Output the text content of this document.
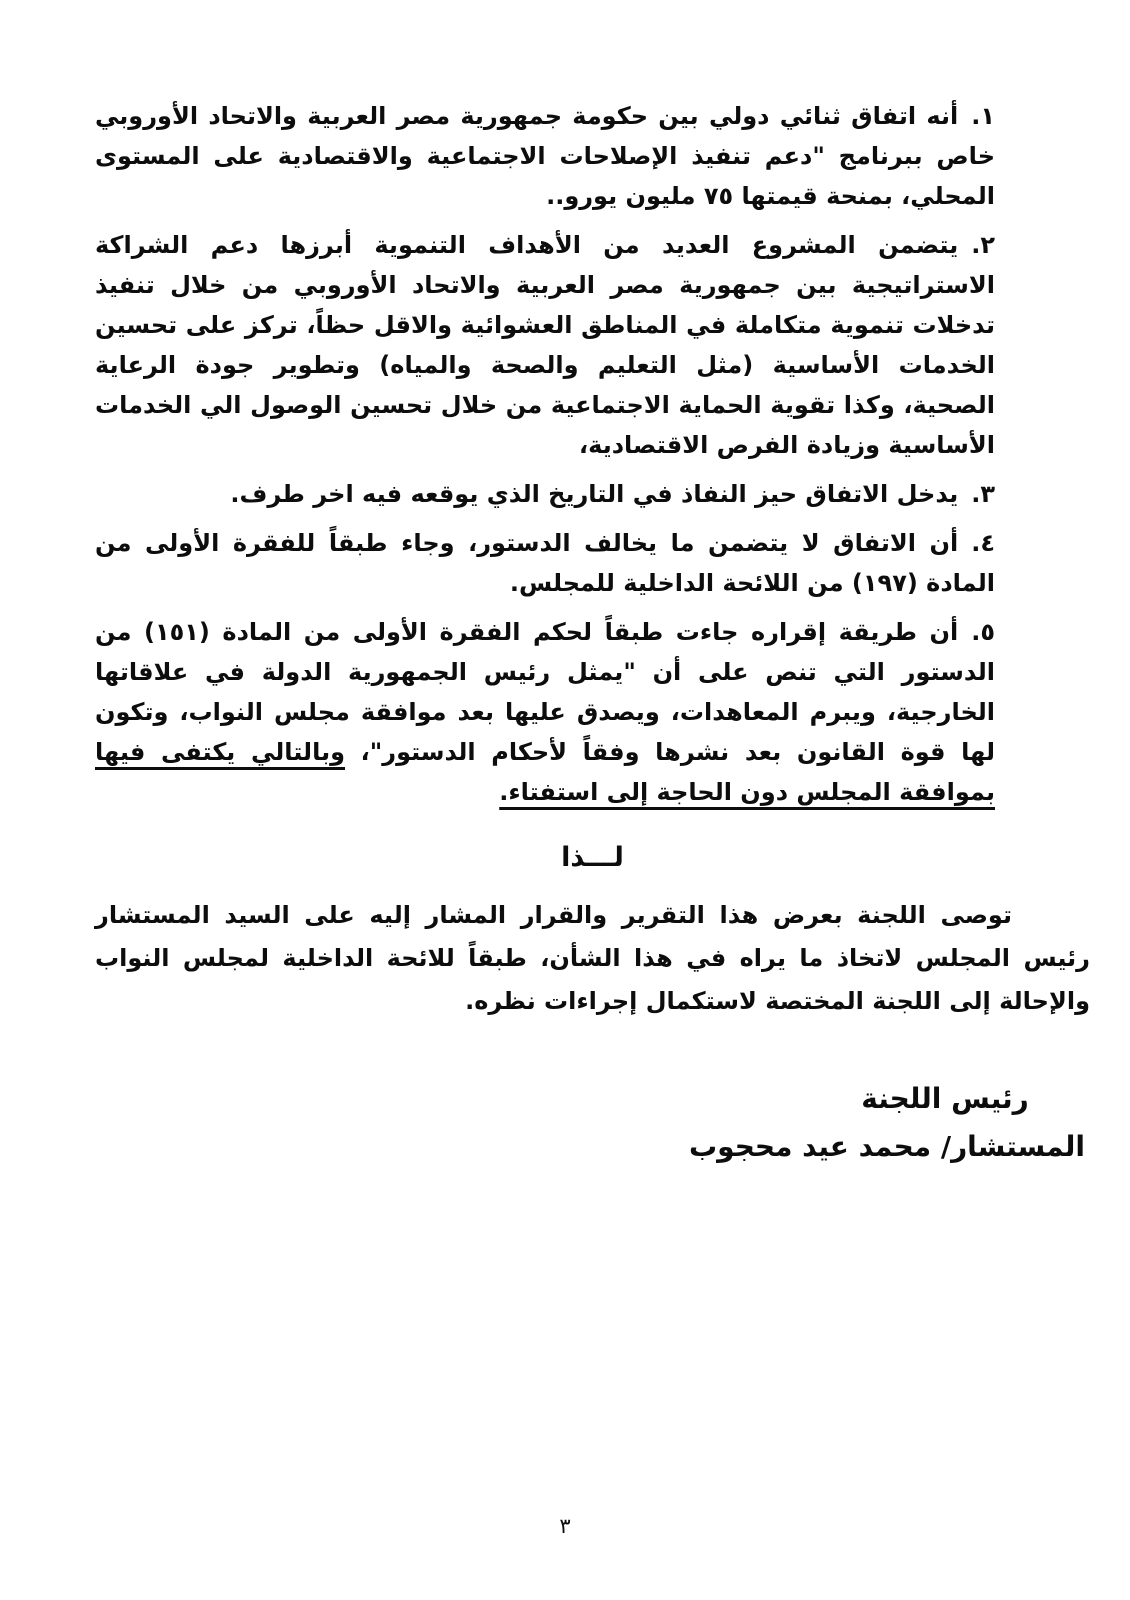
١.أنه اتفاق ثنائي دولي بين حكومة جمهورية مصر العربية والاتحاد الأوروبي خاص ببرنامج "دعم تنفيذ الإصلاحات الاجتماعية والاقتصادية على المستوى المحلي، بمنحة قيمتها ٧٥ مليون يورو..
٢.يتضمن المشروع العديد من الأهداف التنموية أبرزها دعم الشراكة الاستراتيجية بين جمهورية مصر العربية والاتحاد الأوروبي من خلال تنفيذ تدخلات تنموية متكاملة في المناطق العشوائية والاقل حظاً، تركز على تحسين الخدمات الأساسية (مثل التعليم والصحة والمياه) وتطوير جودة الرعاية الصحية، وكذا تقوية الحماية الاجتماعية من خلال تحسين الوصول الي الخدمات الأساسية وزيادة الفرص الاقتصادية،
٣.يدخل الاتفاق حيز النفاذ في التاريخ الذي يوقعه فيه اخر طرف.
٤.أن الاتفاق لا يتضمن ما يخالف الدستور، وجاء طبقاً للفقرة الأولى من المادة (١٩٧) من اللائحة الداخلية للمجلس.
٥.أن طريقة إقراره جاءت طبقاً لحكم الفقرة الأولى من المادة (١٥١) من الدستور التي تنص على أن "يمثل رئيس الجمهورية الدولة في علاقاتها الخارجية، ويبرم المعاهدات، ويصدق عليها بعد موافقة مجلس النواب، وتكون لها قوة القانون بعد نشرها وفقاً لأحكام الدستور"، وبالتالي يكتفى فيها بموافقة المجلس دون الحاجة إلى استفتاء.
لـــذا

توصى اللجنة بعرض هذا التقرير والقرار المشار إليه على السيد المستشار رئيس المجلس لاتخاذ ما يراه في هذا الشأن، طبقاً للائحة الداخلية لمجلس النواب والإحالة إلى اللجنة المختصة لاستكمال إجراءات نظره.

رئيس اللجنة
المستشار/ محمد عيد محجوب
٣
